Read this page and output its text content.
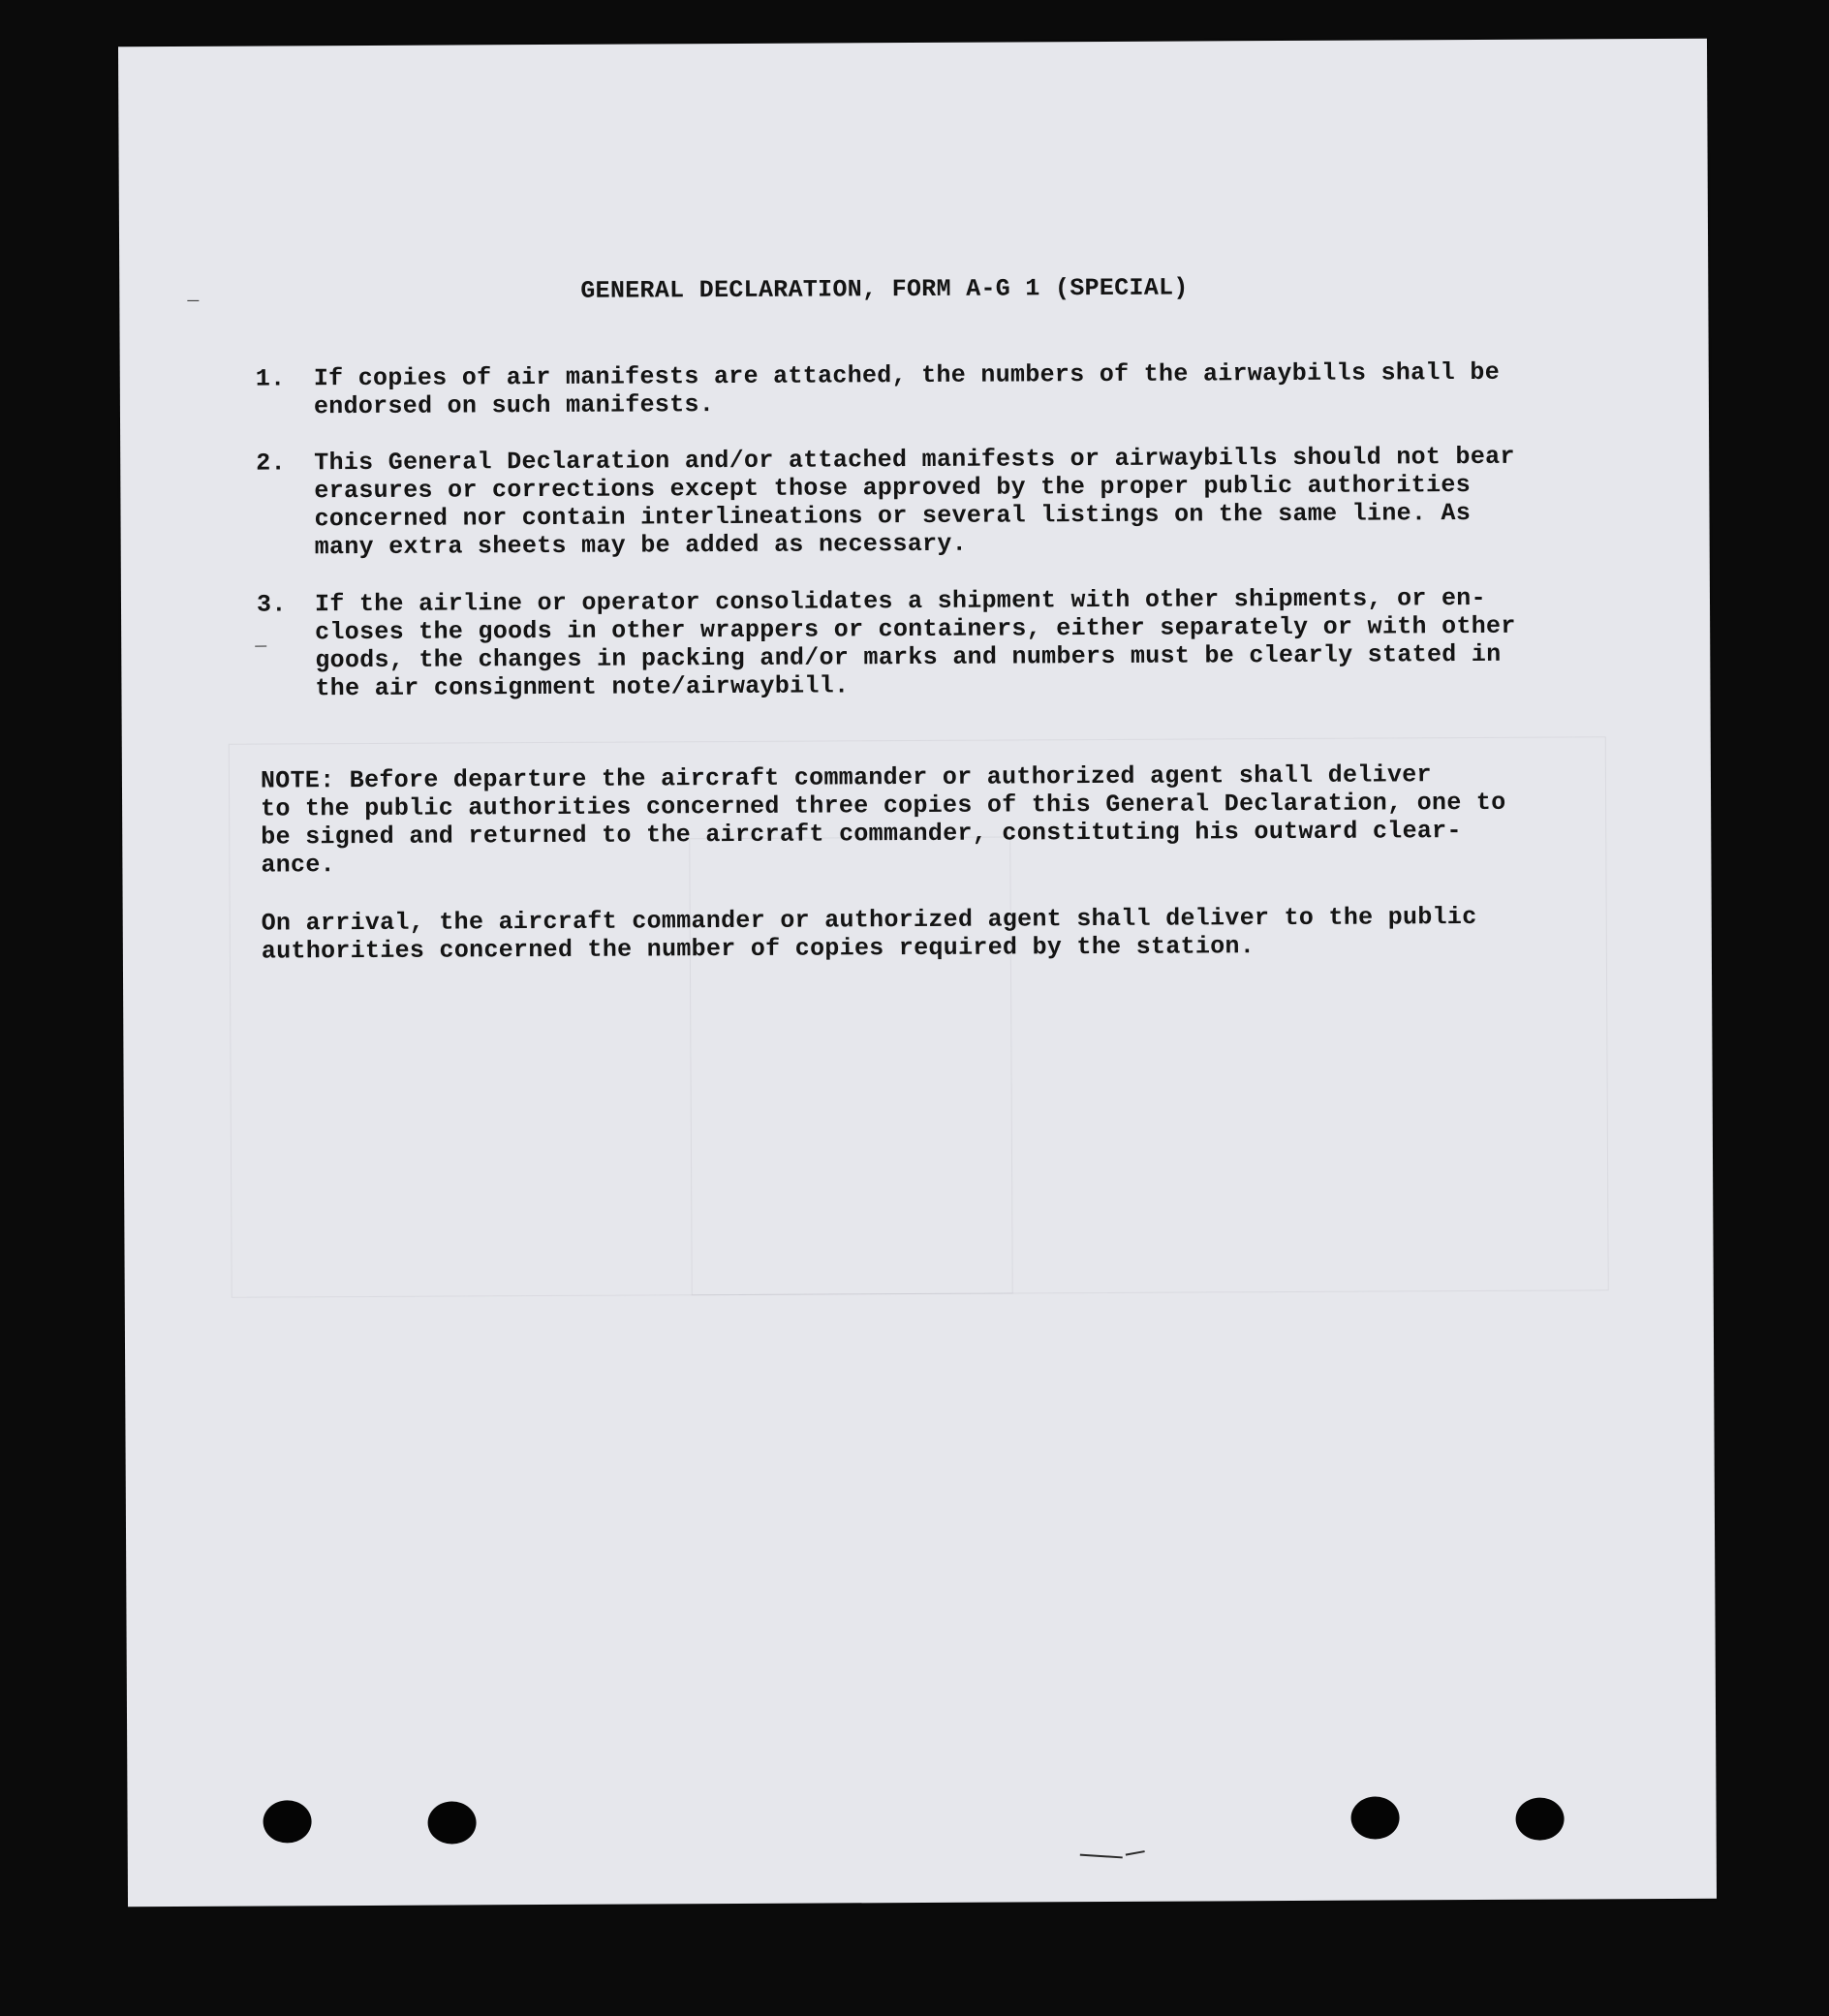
GENERAL DECLARATION, FORM A-G 1 (SPECIAL)
1.	If copies of air manifests are attached, the numbers of the airwaybills shall be
endorsed on such manifests.
2.	This General Declaration and/or attached manifests or airwaybills should not bear
erasures or corrections except those approved by the proper public authorities
concerned nor contain interlineations or several listings on the same line. As
many extra sheets may be added as necessary.
3.	If the airline or operator consolidates a shipment with other shipments, or en-
closes the goods in other wrappers or containers, either separately or with other
goods, the changes in packing and/or marks and numbers must be clearly stated in
the air consignment note/airwaybill.
NOTE: Before departure the aircraft commander or authorized agent shall deliver
to the public authorities concerned three copies of this General Declaration, one to
be signed and returned to the aircraft commander, constituting his outward clear-
ance.
On arrival, the aircraft commander or authorized agent shall deliver to the public
authorities concerned the number of copies required by the station.
